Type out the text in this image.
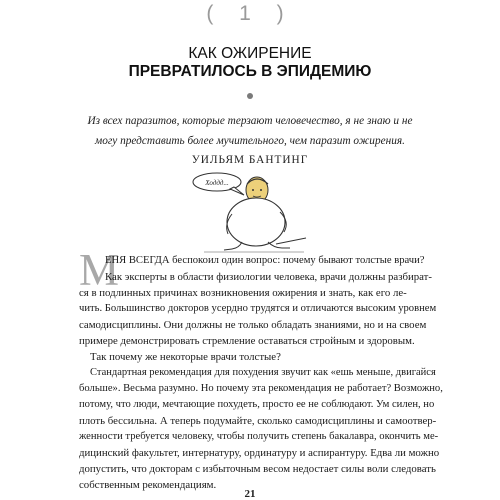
( 1 )
КАК ОЖИРЕНИЕ
ПРЕВРАТИЛОСЬ В ЭПИДЕМИЮ
Из всех паразитов, которые терзают человечество, я не знаю и не могу представить более мучительного, чем паразит ожирения.
УИЛЬЯМ БАНТИНГ
Ходдд...
М
ЕНЯ ВСЕГДА беспокоил один вопрос: почему бывают толстые врачи?
Как эксперты в области физиологии человека, врачи должны разбират-
ся в подлинных причинах возникновения ожирения и знать, как его ле-
чить. Большинство докторов усердно трудятся и отличаются высоким уровнем
самодисциплины. Они должны не только обладать знаниями, но и на своем
примере демонстрировать стремление оставаться стройным и здоровым.
Так почему же некоторые врачи толстые?
Стандартная рекомендация для похудения звучит как «ешь меньше, двигайся
больше». Весьма разумно. Но почему эта рекомендация не работает? Возможно,
потому, что люди, мечтающие похудеть, просто ее не соблюдают. Ум силен, но
плоть бессильна. А теперь подумайте, сколько самодисциплины и самоотвер-
женности требуется человеку, чтобы получить степень бакалавра, окончить ме-
дицинский факультет, интернатуру, ординатуру и аспирантуру. Едва ли можно
допустить, что докторам с избыточным весом недостает силы воли следовать
собственным рекомендациям.
21
